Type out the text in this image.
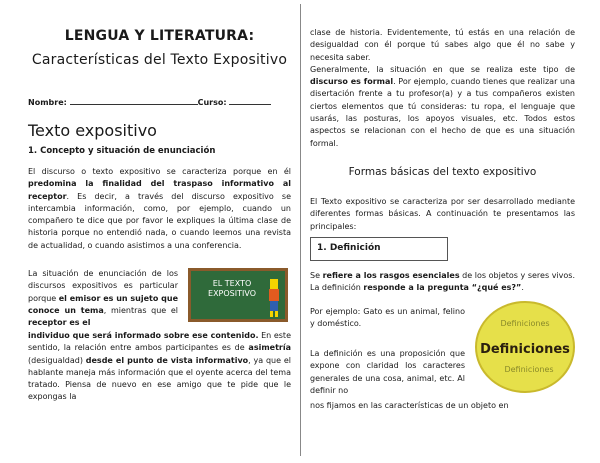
LENGUA Y LITERATURA:
Características del Texto Expositivo
Nombre:	Curso:
Texto expositivo
1. Concepto y situación de enunciación
El discurso o texto expositivo se caracteriza porque en él predomina la finalidad del traspaso informativo al receptor. Es decir, a través del discurso expositivo se intercambia información, como, por ejemplo, cuando un compañero te dice que por favor le expliques la última clase de historia porque no entendió nada, o cuando leemos una revista de actualidad, o cuando asistimos a una conferencia.
La situación de enunciación de los discursos expositivos es particular porque el emisor es un sujeto que conoce un tema, mientras que el receptor es el
EL TEXTO EXPOSITIVO
individuo que será informado sobre ese contenido. En este sentido, la relación entre ambos participantes es de asimetría (desigualdad) desde el punto de vista informativo, ya que el hablante maneja más información que el oyente acerca del tema tratado. Piensa de nuevo en ese amigo que te pide que le expongas la
clase de historia. Evidentemente, tú estás en una relación de desigualdad con él porque tú sabes algo que él no sabe y necesita saber.
Generalmente, la situación en que se realiza este tipo de discurso es formal. Por ejemplo, cuando tienes que realizar una disertación frente a tu profesor(a) y a tus compañeros existen ciertos elementos que tú consideras: tu ropa, el lenguaje que usarás, las posturas, los apoyos visuales, etc. Todos estos aspectos se relacionan con el hecho de que es una situación formal.
Formas básicas del texto expositivo
El Texto expositivo se caracteriza por ser desarrollado mediante diferentes formas básicas. A continuación te presentamos las principales:
1. Definición
Se refiere a los rasgos esenciales de los objetos y seres vivos. La definición responde a la pregunta “¿qué es?”.
Por ejemplo: Gato es un animal, felino y doméstico.
La definición es una proposición que expone con claridad los caracteres generales de una cosa, animal, etc. Al definir no
nos fijamos en las características de un objeto en
Definiciones
Definiciones
Definiciones
